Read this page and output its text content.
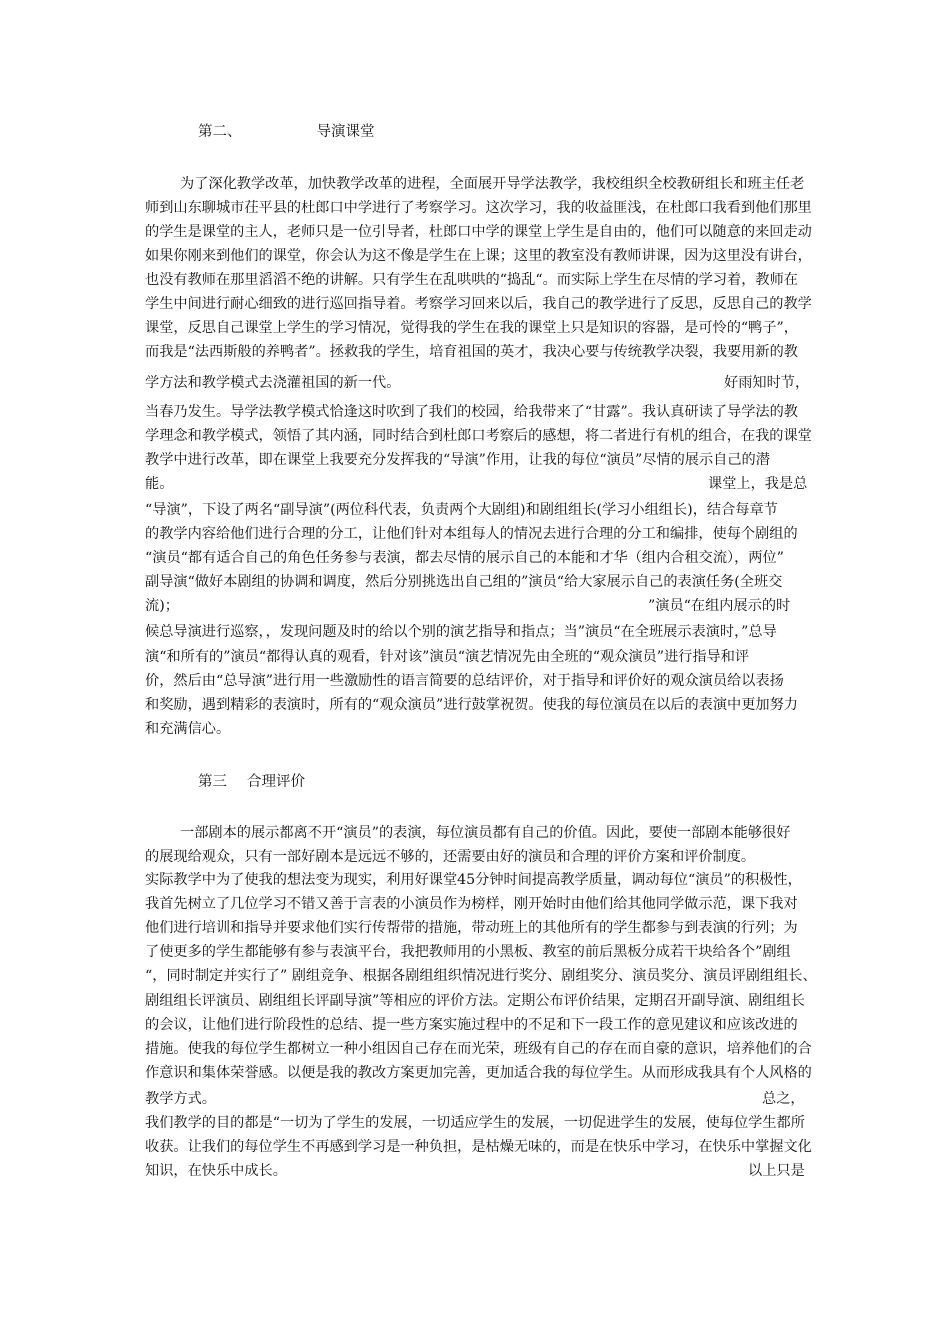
第二、	导演课堂
为了深化教学改革，加快教学改革的进程，全面展开导学法教学，我校组织全校教研组长和班主任老
师到山东聊城市茌平县的杜郎口中学进行了考察学习。这次学习，我的收益匪浅，在杜郎口我看到他们那里
的学生是课堂的主人，老师只是一位引导者，杜郎口中学的课堂上学生是自由的，他们可以随意的来回走动
如果你刚来到他们的课堂，你会认为这不像是学生在上课；这里的教室没有教师讲课，因为这里没有讲台，
也没有教师在那里滔滔不绝的讲解。只有学生在乱哄哄的“捣乱“。而实际上学生在尽情的学习着，教师在
学生中间进行耐心细致的进行巡回指导着。考察学习回来以后，我自己的教学进行了反思，反思自己的教学
课堂，反思自己课堂上学生的学习情况，觉得我的学生在我的课堂上只是知识的容器，是可怜的“鸭子”，
而我是“法西斯般的养鸭者”。拯救我的学生，培育祖国的英才，我决心要与传统教学决裂，我要用新的教
学方法和教学模式去浇灌祖国的新一代。	好雨知时节，
当春乃发生。导学法教学模式恰逢这时吹到了我们的校园，给我带来了“甘露”。我认真研读了导学法的教
学理念和教学模式，领悟了其内涵，同时结合到杜郎口考察后的感想，将二者进行有机的组合，在我的课堂
教学中进行改革，即在课堂上我要充分发挥我的“导演”作用，让我的每位“演员”尽情的展示自己的潜
能。	课堂上，我是总
“导演”，下设了两名“副导演”(两位科代表，负责两个大剧组)和剧组组长(学习小组组长)，结合每章节
的教学内容给他们进行合理的分工，让他们针对本组每人的情况去进行合理的分工和编排，使每个剧组的
“演员“都有适合自己的角色任务参与表演，都去尽情的展示自己的本能和才华（组内合租交流），两位”
副导演“做好本剧组的协调和调度，然后分别挑选出自己组的”演员“给大家展示自己的表演任务(全班交
流)；	”演员“在组内展示的时
候总导演进行巡察，，发现问题及时的给以个别的演艺指导和指点；当”演员“在全班展示表演时，”总导
演“和所有的”演员“都得认真的观看，针对该”演员“演艺情况先由全班的“观众演员”进行指导和评
价，然后由“总导演”进行用一些激励性的语言简要的总结评价，对于指导和评价好的观众演员给以表扬
和奖励，遇到精彩的表演时，所有的“观众演员”进行鼓掌祝贺。使我的每位演员在以后的表演中更加努力
和充满信心。
第三 合理评价
一部剧本的展示都离不开“演员”的表演，每位演员都有自己的价值。因此，要使一部剧本能够很好
的展现给观众，只有一部好剧本是远远不够的，还需要由好的演员和合理的评价方案和评价制度。
实际教学中为了使我的想法变为现实，利用好课堂45分钟时间提高教学质量，调动每位“演员”的积极性，
我首先树立了几位学习不错又善于言表的小演员作为榜样，刚开始时由他们给其他同学做示范，课下我对
他们进行培训和指导并要求他们实行传帮带的措施，带动班上的其他所有的学生都参与到表演的行列；为
了使更多的学生都能够有参与表演平台，我把教师用的小黑板、教室的前后黑板分成若干块给各个”剧组
“，同时制定并实行了” 剧组竞争、根据各剧组组织情况进行奖分、剧组奖分、演员奖分、演员评剧组组长、
剧组组长评演员、剧组组长评副导演”等相应的评价方法。定期公布评价结果，定期召开副导演、剧组组长
的会议，让他们进行阶段性的总结、提一些方案实施过程中的不足和下一段工作的意见建议和应该改进的
措施。使我的每位学生都树立一种小组因自己存在而光荣，班级有自己的存在而自豪的意识，培养他们的合
作意识和集体荣誉感。以便是我的教改方案更加完善，更加适合我的每位学生。从而形成我具有个人风格的
教学方式。	总之，
我们教学的目的都是“一切为了学生的发展，一切适应学生的发展，一切促进学生的发展，使每位学生都所
收获。让我们的每位学生不再感到学习是一种负担，是枯燥无味的，而是在快乐中学习，在快乐中掌握文化
知识，在快乐中成长。	以上只是
